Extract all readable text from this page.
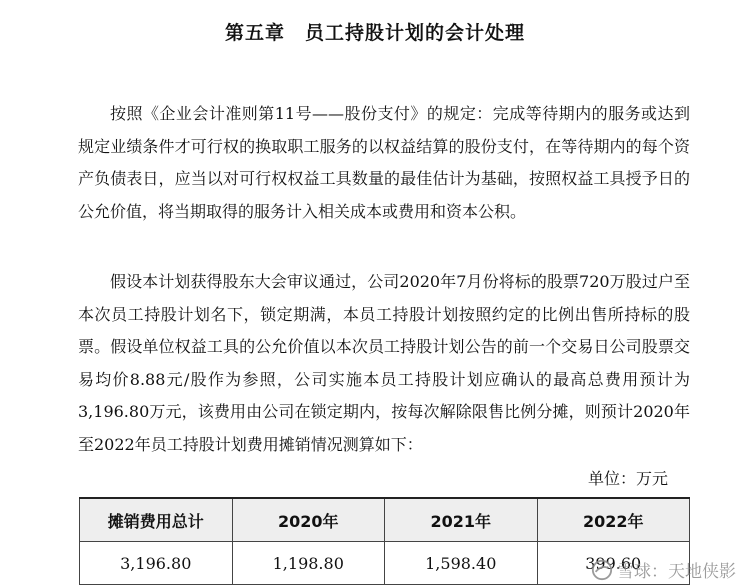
第五章　员工持股计划的会计处理

按照《企业会计准则第11号——股份支付》的规定：完成等待期内的服务或达到规定业绩条件才可行权的换取职工服务的以权益结算的股份支付，在等待期内的每个资产负债表日，应当以对可行权权益工具数量的最佳估计为基础，按照权益工具授予日的公允价值，将当期取得的服务计入相关成本或费用和资本公积。

假设本计划获得股东大会审议通过，公司2020年7月份将标的股票720万股过户至本次员工持股计划名下，锁定期满，本员工持股计划按照约定的比例出售所持标的股票。假设单位权益工具的公允价值以本次员工持股计划公告的前一个交易日公司股票交易均价8.88元/股作为参照，公司实施本员工持股计划应确认的最高总费用预计为3,196.80万元，该费用由公司在锁定期内，按每次解除限售比例分摊，则预计2020年至2022年员工持股计划费用摊销情况测算如下：

单位：万元
摊销费用总计	2020年	2021年	2022年
3,196.80	1,198.80	1,598.40	399.60
雪球：天地侠影
